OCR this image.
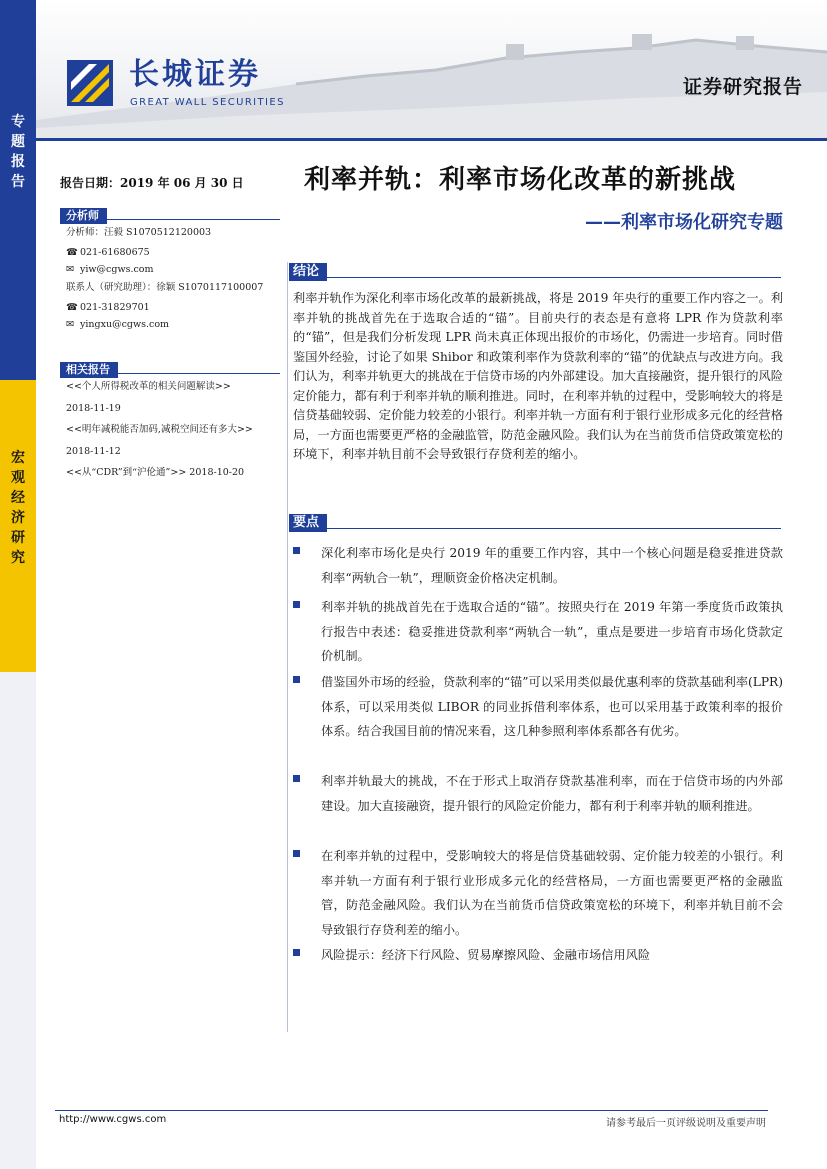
专
题
报
告
宏
观
经
济
研
究
长城证券
GREAT WALL SECURITIES
证券研究报告
报告日期：2019 年 06 月 30 日
分析师
分析师：汪毅 S1070512120003
☎ 021-61680675
✉ yiw@cgws.com
联系人（研究助理）：徐颖 S1070117100007
☎ 021-31829701
✉ yingxu@cgws.com
相关报告
<<个人所得税改革的相关问题解读>>
2018-11-19
<<明年减税能否加码,减税空间还有多大>>
2018-11-12
<<从“CDR”到“沪伦通”>> 2018-10-20
利率并轨：利率市场化改革的新挑战
——利率市场化研究专题
结论
利率并轨作为深化利率市场化改革的最新挑战，将是 2019 年央行的重要工作内容之一。利率并轨的挑战首先在于选取合适的“锚”。目前央行的表态是有意将 LPR 作为贷款利率的“锚”，但是我们分析发现 LPR 尚未真正体现出报价的市场化，仍需进一步培育。同时借鉴国外经验，讨论了如果 Shibor 和政策利率作为贷款利率的“锚”的优缺点与改进方向。我们认为，利率并轨更大的挑战在于信贷市场的内外部建设。加大直接融资，提升银行的风险定价能力，都有利于利率并轨的顺利推进。同时，在利率并轨的过程中，受影响较大的将是信贷基础较弱、定价能力较差的小银行。利率并轨一方面有利于银行业形成多元化的经营格局，一方面也需要更严格的金融监管，防范金融风险。我们认为在当前货币信贷政策宽松的环境下，利率并轨目前不会导致银行存贷利差的缩小。
要点
深化利率市场化是央行 2019 年的重要工作内容，其中一个核心问题是稳妥推进贷款利率“两轨合一轨”，理顺资金价格决定机制。
利率并轨的挑战首先在于选取合适的“锚”。按照央行在 2019 年第一季度货币政策执行报告中表述：稳妥推进贷款利率“两轨合一轨”，重点是要进一步培育市场化贷款定价机制。
借鉴国外市场的经验，贷款利率的“锚”可以采用类似最优惠利率的贷款基础利率(LPR)体系，可以采用类似 LIBOR 的同业拆借利率体系，也可以采用基于政策利率的报价体系。结合我国目前的情况来看，这几种参照利率体系都各有优劣。
利率并轨最大的挑战，不在于形式上取消存贷款基准利率，而在于信贷市场的内外部建设。加大直接融资，提升银行的风险定价能力，都有利于利率并轨的顺利推进。
在利率并轨的过程中，受影响较大的将是信贷基础较弱、定价能力较差的小银行。利率并轨一方面有利于银行业形成多元化的经营格局，一方面也需要更严格的金融监管，防范金融风险。我们认为在当前货币信贷政策宽松的环境下，利率并轨目前不会导致银行存贷利差的缩小。
风险提示：经济下行风险、贸易摩擦风险、金融市场信用风险
http://www.cgws.com	请参考最后一页评级说明及重要声明
